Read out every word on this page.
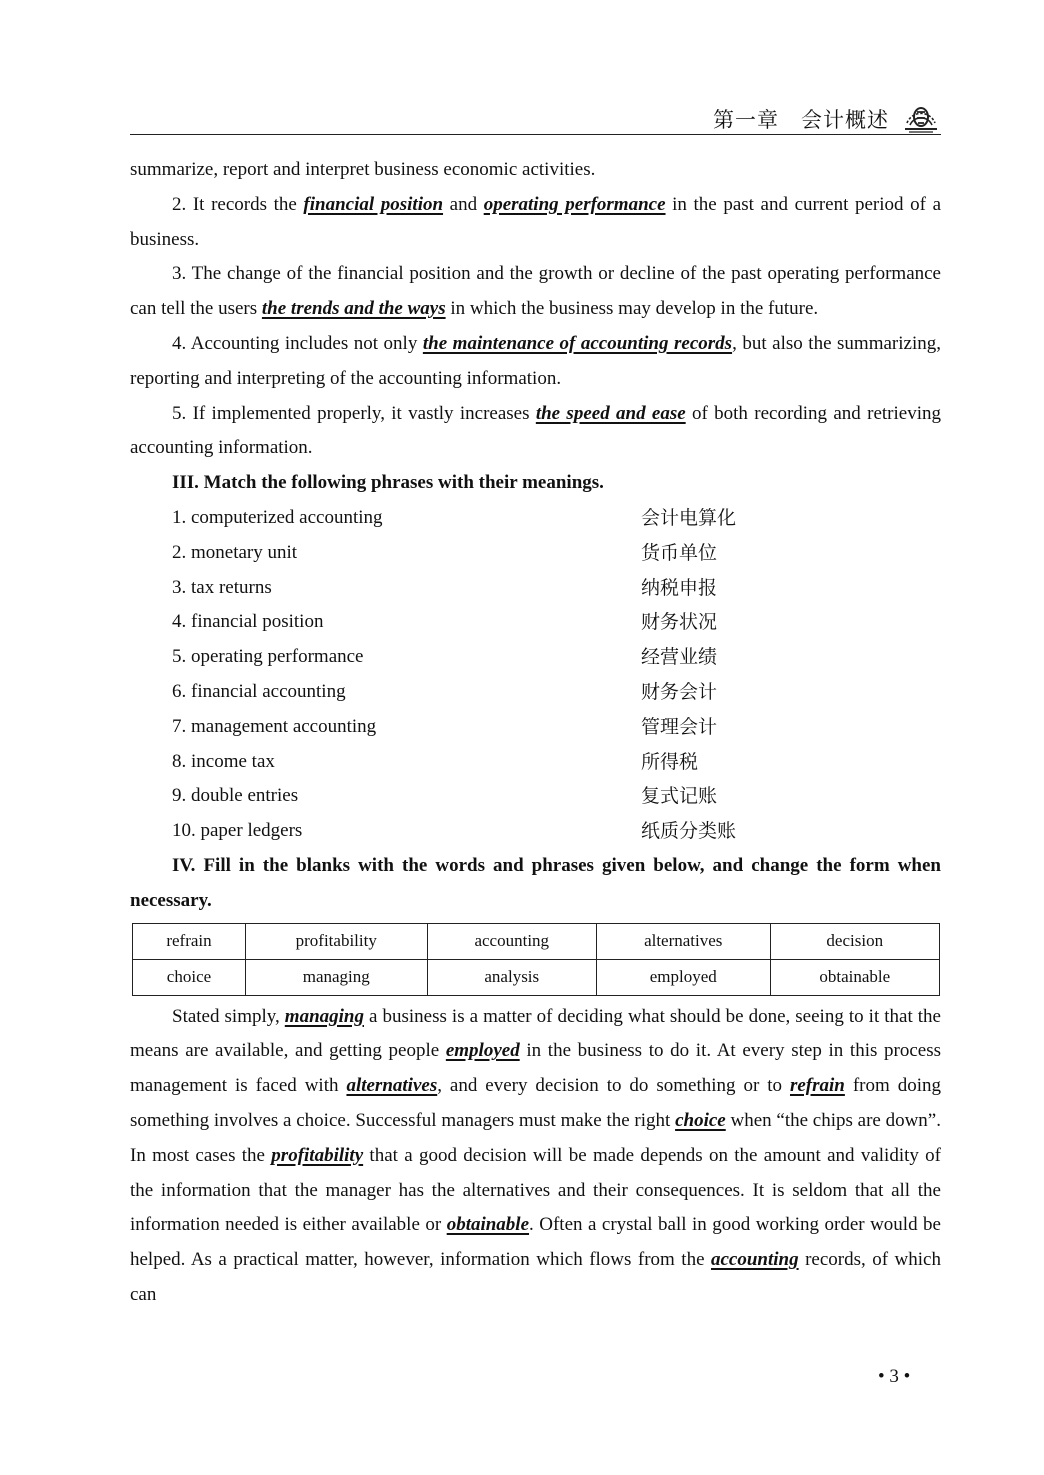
第一章　会计概述

summarize, report and interpret business economic activities.

2. It records the financial position and operating performance in the past and current period of a business.

3. The change of the financial position and the growth or decline of the past operating performance can tell the users the trends and the ways in which the business may develop in the future.

4. Accounting includes not only the maintenance of accounting records, but also the summarizing, reporting and interpreting of the accounting information.

5. If implemented properly, it vastly increases the speed and ease of both recording and retrieving accounting information.

III. Match the following phrases with their meanings.

1. computerized accounting	会计电算化
2. monetary unit	货币单位
3. tax returns	纳税申报
4. financial position	财务状况
5. operating performance	经营业绩
6. financial accounting	财务会计
7. management accounting	管理会计
8. income tax	所得税
9. double entries	复式记账
10. paper ledgers	纸质分类账

IV. Fill in the blanks with the words and phrases given below, and change the form when necessary.

refrain	profitability	accounting	alternatives	decision
choice	managing	analysis	employed	obtainable

Stated simply, managing a business is a matter of deciding what should be done, seeing to it that the means are available, and getting people employed in the business to do it. At every step in this process management is faced with alternatives, and every decision to do something or to refrain from doing something involves a choice. Successful managers must make the right choice when “the chips are down”. In most cases the profitability that a good decision will be made depends on the amount and validity of the information that the manager has the alternatives and their consequences. It is seldom that all the information needed is either available or obtainable. Often a crystal ball in good working order would be helped. As a practical matter, however, information which flows from the accounting records, of which can

• 3 •
